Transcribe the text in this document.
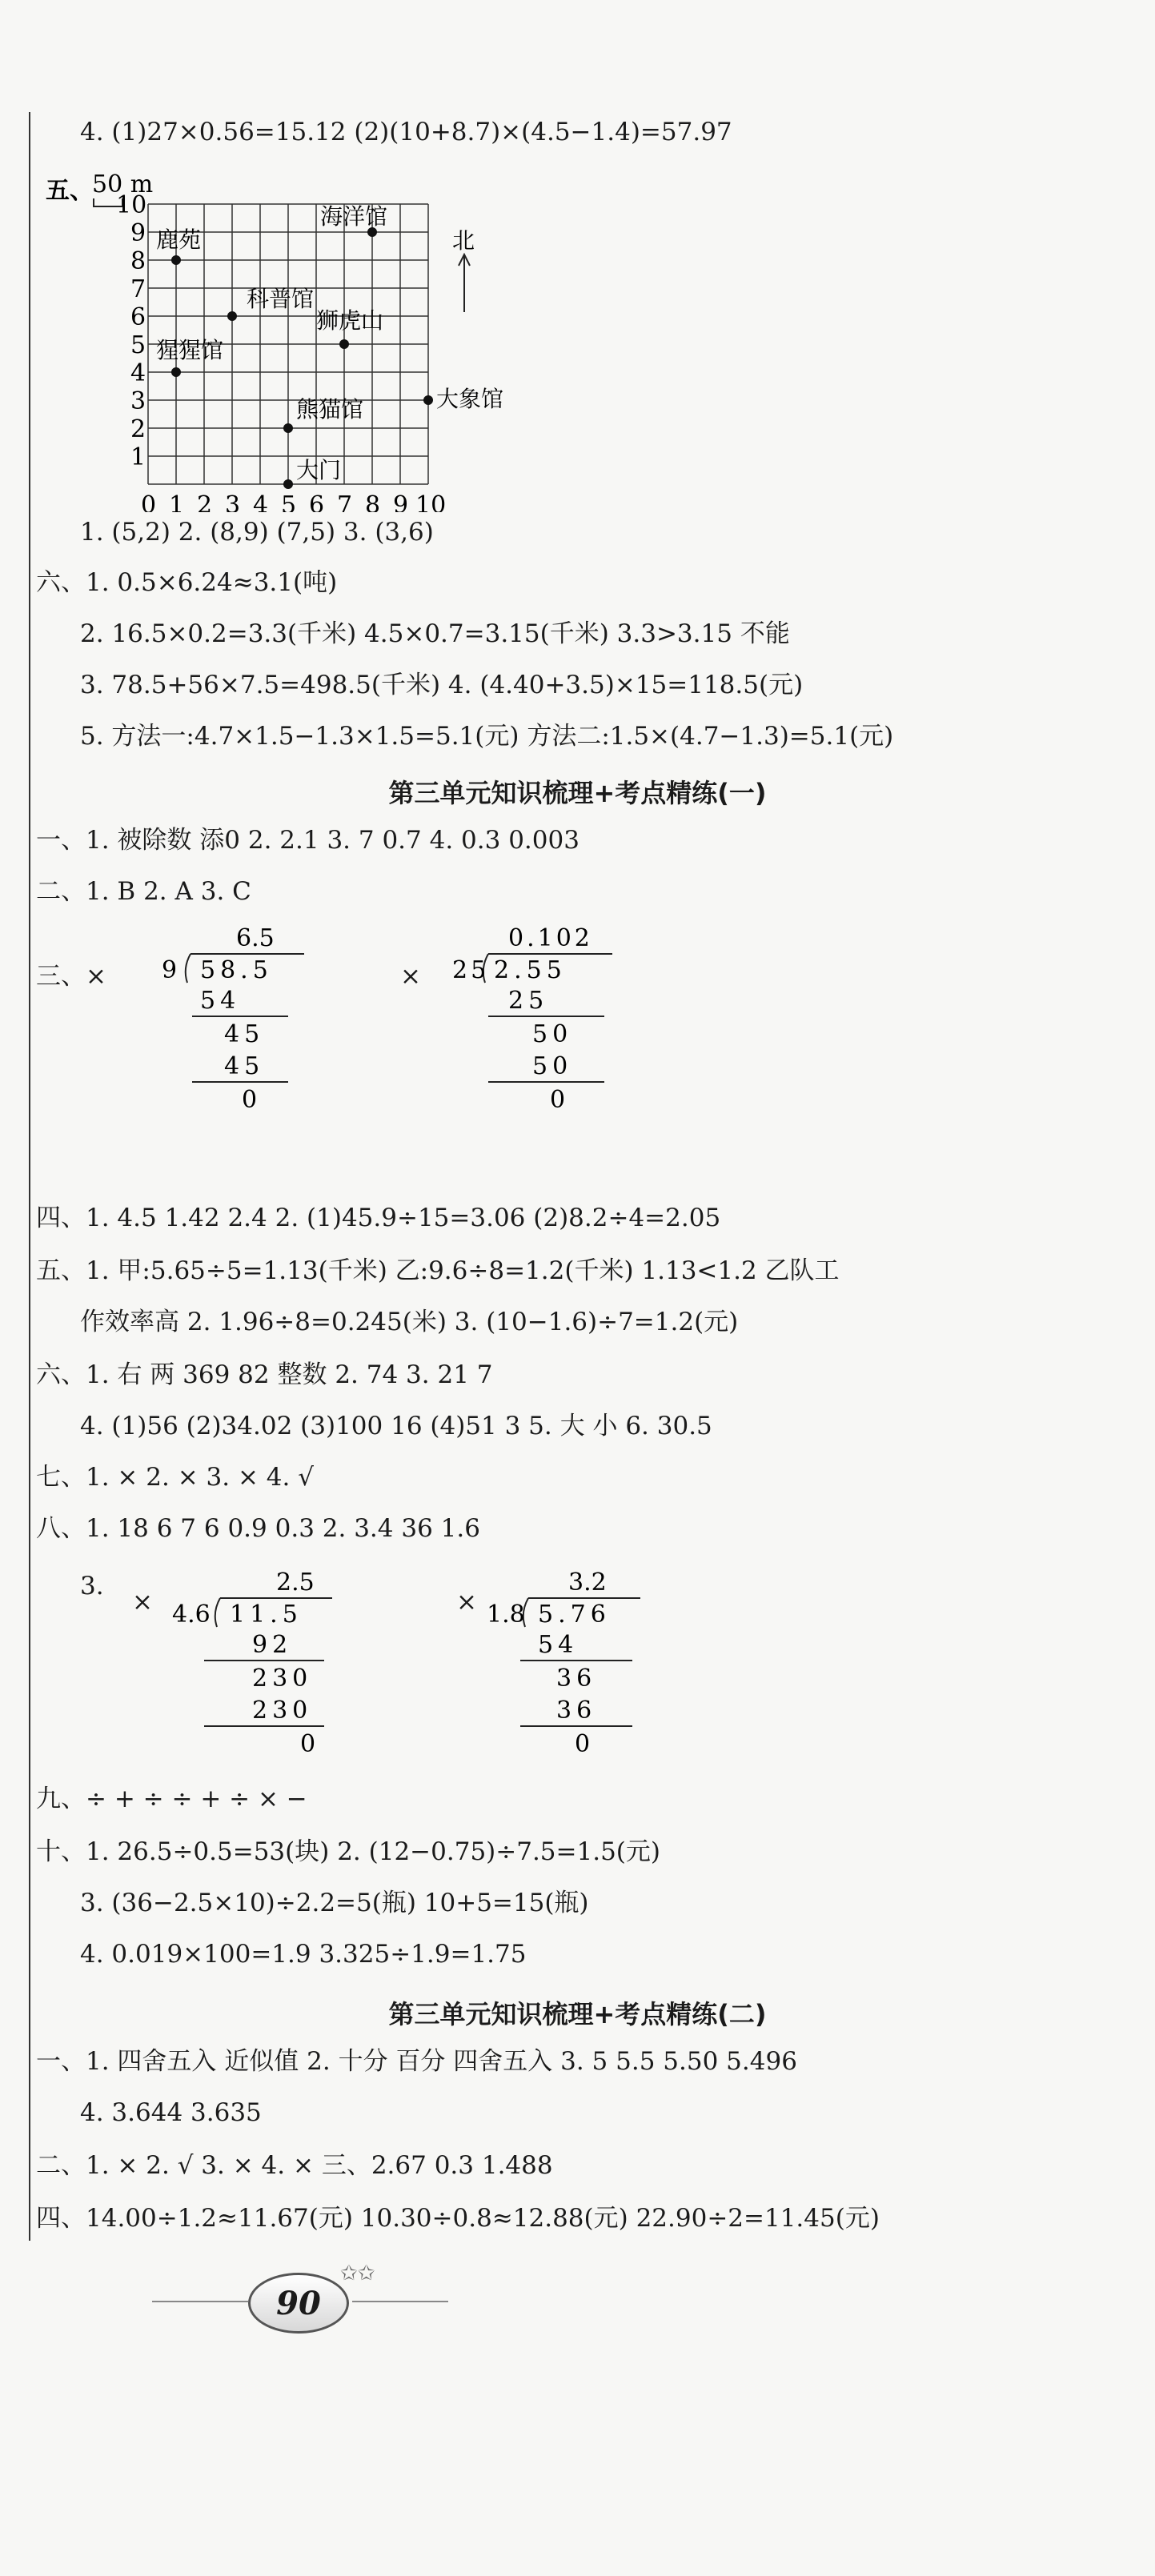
4. (1)27×0.56=15.12 (2)(10+8.7)×(4.5−1.4)=57.97
五、
50 m
0 1 2 3 4 5 6 7 8 9 10
1
2
3
4
5
6
7
8
9
10	海洋馆
鹿苑
科普馆
狮虎山
猩猩馆
大象馆
熊猫馆
大门
北
1. (5,2) 2. (8,9) (7,5) 3. (3,6)
六、1. 0.5×6.24≈3.1(吨)
2. 16.5×0.2=3.3(千米) 4.5×0.7=3.15(千米) 3.3>3.15 不能
3. 78.5+56×7.5=498.5(千米) 4. (4.40+3.5)×15=118.5(元)
5. 方法一:4.7×1.5−1.3×1.5=5.1(元) 方法二:1.5×(4.7−1.3)=5.1(元)
第三单元知识梳理+考点精练(一)
一、1. 被除数 添0 2. 2.1 3. 7 0.7 4. 0.3 0.003
二、1. B 2. A 3. C
三、×	×
6.5
9 58.5
54
45
45
0
0.102
25 2.55
25
50
50
0
四、1. 4.5 1.42 2.4 2. (1)45.9÷15=3.06 (2)8.2÷4=2.05
五、1. 甲:5.65÷5=1.13(千米) 乙:9.6÷8=1.2(千米) 1.13<1.2 乙队工
作效率高 2. 1.96÷8=0.245(米) 3. (10−1.6)÷7=1.2(元)
六、1. 右 两 369 82 整数 2. 74 3. 21 7
4. (1)56 (2)34.02 (3)100 16 (4)51 3 5. 大 小 6. 30.5
七、1. × 2. × 3. × 4. √
八、1. 18 6 7 6 0.9 0.3 2. 3.4 36 1.6
3.
×	×
2.5
4.6 11.5
92
230
230
0
3.2
1.8 5.76
54
36
36
0
九、÷ + ÷ ÷ + ÷ × −
十、1. 26.5÷0.5=53(块) 2. (12−0.75)÷7.5=1.5(元)
3. (36−2.5×10)÷2.2=5(瓶) 10+5=15(瓶)
4. 0.019×100=1.9 3.325÷1.9=1.75
第三单元知识梳理+考点精练(二)
一、1. 四舍五入 近似值 2. 十分 百分 四舍五入 3. 5 5.5 5.50 5.496
4. 3.644 3.635
二、1. × 2. √ 3. × 4. × 三、2.67 0.3 1.488
四、14.00÷1.2≈11.67(元) 10.30÷0.8≈12.88(元) 22.90÷2=11.45(元)
90
✩✩
